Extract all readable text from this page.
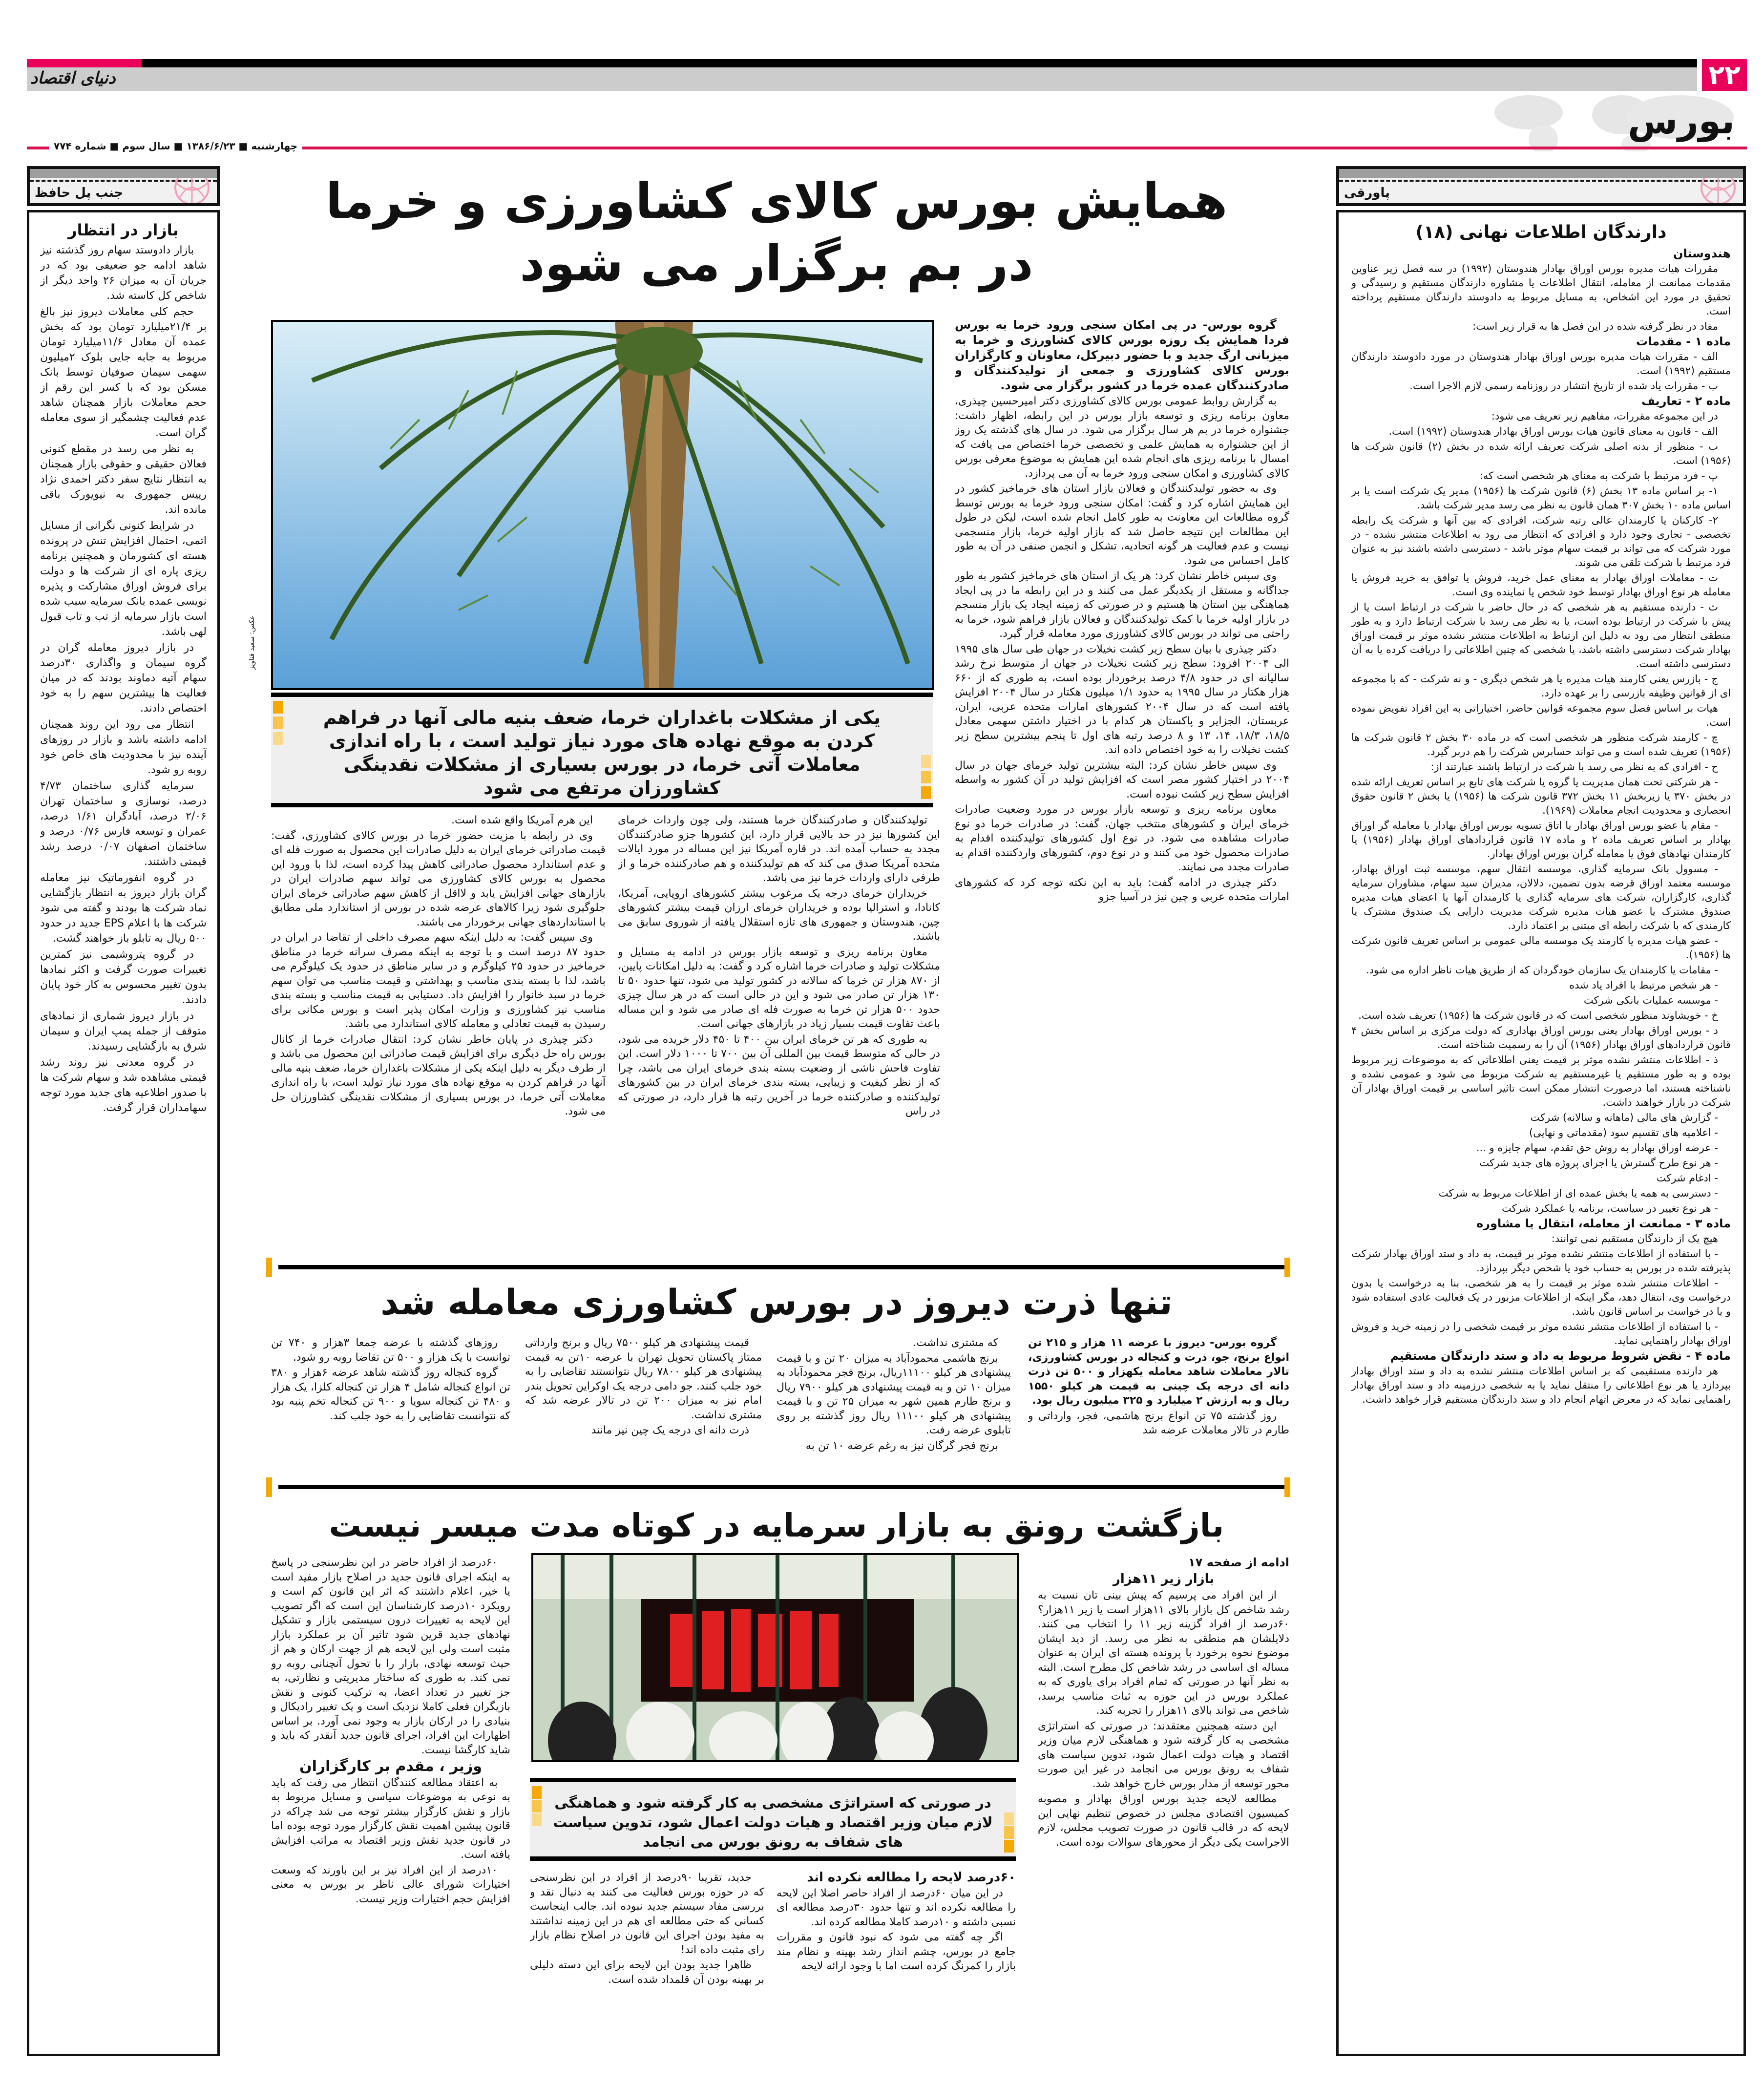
دنیای اقتصاد	۲۲
بورس
چهارشنبه ■ ۱۳۸۶/۶/۲۳ ■ سال سوم ■ شماره ۷۷۴
جنب پل حافظ
بازار در انتظار

بازار دادوستد سهام روز گذشته نیز شاهد ادامه جو ضعیفی بود که در جریان آن به میزان ۲۶ واحد دیگر از شاخص کل کاسته شد.

حجم کلی معاملات دیروز نیز بالغ بر ۲۱/۴میلیارد تومان بود که بخش عمده آن معادل ۱۱/۶میلیارد تومان مربوط به جابه جایی بلوک ۲میلیون سهمی سیمان صوفیان توسط بانک مسکن بود که با کسر این رقم از حجم معاملات بازار همچنان شاهد عدم فعالیت چشمگیر از سوی معامله گران است.

به نظر می رسد در مقطع کنونی فعالان حقیقی و حقوقی بازار همچنان به انتظار نتایج سفر دکتر احمدی نژاد رییس جمهوری به نیویورک باقی مانده اند.

در شرایط کنونی نگرانی از مسایل اتمی، احتمال افزایش تنش در پرونده هسته ای کشورمان و همچنین برنامه ریزی پاره ای از شرکت ها و دولت برای فروش اوراق مشارکت و پذیره نویسی عمده بانک سرمایه سبب شده است بازار سرمایه از تب و تاب قبول لهی باشد.

در بازار دیروز معامله گران در گروه سیمان و واگذاری ۳۰درصد سهام آتیه دماوند بودند که در میان فعالیت ها بیشترین سهم را به خود اختصاص دادند.

انتظار می رود این روند همچنان ادامه داشته باشد و بازار در روزهای آینده نیز با محدودیت های خاص خود روبه رو شود.

سرمایه گذاری ساختمان ۴/۷۳ درصد، نوسازی و ساختمان تهران ۲/۰۶ درصد، آبادگران ۱/۶۱ درصد، عمران و توسعه فارس ۰/۷۶ درصد و ساختمان اصفهان ۰/۰۷ درصد رشد قیمتی داشتند.

در گروه انفورماتیک نیز معامله گران بازار دیروز به انتظار بازگشایی نماد شرکت ها بودند و گفته می شود شرکت ها با اعلام EPS جدید در حدود ۵۰۰ ریال به تابلو باز خواهند گشت.

در گروه پتروشیمی نیز کمترین تغییرات صورت گرفت و اکثر نمادها بدون تغییر محسوس به کار خود پایان دادند.

در بازار دیروز شماری از نمادهای متوقف از جمله پمپ ایران و سیمان شرق به بازگشایی رسیدند.

در گروه معدنی نیز روند رشد قیمتی مشاهده شد و سهام شرکت ها با صدور اطلاعیه های جدید مورد توجه سهامداران قرار گرفت.

پاورقی
دارندگان اطلاعات نهانی (۱۸)

هندوستان

مقررات هیات مدیره بورس اوراق بهادار هندوستان (۱۹۹۲) در سه فصل زیر عناوین مقدمات ممانعت از معامله، انتقال اطلاعات یا مشاوره دارندگان مستقیم و رسیدگی و تحقیق در مورد این اشخاص، به مسایل مربوط به دادوستد دارندگان مستقیم پرداخته است.

مفاد در نظر گرفته شده در این فصل ها به قرار زیر است:

ماده ۱ - مقدمات

الف - مقررات هیات مدیره بورس اوراق بهادار هندوستان در مورد دادوستد دارندگان مستقیم (۱۹۹۲) است.

ب - مقررات یاد شده از تاریخ انتشار در روزنامه رسمی لازم الاجرا است.

ماده ۲ - تعاریف

در این مجموعه مقررات، مفاهیم زیر تعریف می شود:

الف - قانون به معنای قانون هیات بورس اوراق بهادار هندوستان (۱۹۹۲) است.

ب - منظور از بدنه اصلی شرکت تعریف ارائه شده در بخش (۲) قانون شرکت ها (۱۹۵۶) است.

پ - فرد مرتبط با شرکت به معنای هر شخصی است که:

۱- بر اساس ماده ۱۳ بخش (۶) قانون شرکت ها (۱۹۵۶) مدیر یک شرکت است یا بر اساس ماده ۱۰ بخش ۳۰۷ همان قانون به نظر می رسد مدیر شرکت باشد.

۲- کارکنان یا کارمندان عالی رتبه شرکت، افرادی که بین آنها و شرکت یک رابطه تخصصی - تجاری وجود دارد و افرادی که انتظار می رود به اطلاعات منتشر نشده - در مورد شرکت که می تواند بر قیمت سهام موثر باشد - دسترسی داشته باشند نیز به عنوان فرد مرتبط با شرکت تلقی می شوند.

ت - معاملات اوراق بهادار به معنای عمل خرید، فروش یا توافق به خرید فروش یا معامله هر نوع اوراق بهادار توسط خود شخص یا نماینده وی است.

ث - دارنده مستقیم به هر شخصی که در حال حاضر با شرکت در ارتباط است یا از پیش با شرکت در ارتباط بوده است، یا به نظر می رسد با شرکت ارتباط دارد و به طور منطقی انتظار می رود به دلیل این ارتباط به اطلاعات منتشر نشده موثر بر قیمت اوراق بهادار شرکت دسترسی داشته باشد، یا شخصی که چنین اطلاعاتی را دریافت کرده یا به آن دسترسی داشته است.

ج - بازرس یعنی کارمند هیات مدیره یا هر شخص دیگری - و نه شرکت - که با مجموعه ای از قوانین وظیفه بازرسی را بر عهده دارد.

هیات بر اساس فصل سوم مجموعه قوانین حاضر، اختیاراتی به این افراد تفویض نموده است.

چ - کارمند شرکت منظور هر شخصی است که در ماده ۳۰ بخش ۲ قانون شرکت ها (۱۹۵۶) تعریف شده است و می تواند حسابرس شرکت را هم دربر گیرد.

ح - افرادی که به نظر می رسد با شرکت در ارتباط باشند عبارتند از:

- هر شرکتی تحت همان مدیریت یا گروه یا شرکت های تابع بر اساس تعریف ارائه شده در بخش ۳۷۰ یا زیربخش ۱۱ بخش ۳۷۲ قانون شرکت ها (۱۹۵۶) یا بخش ۲ قانون حقوق انحصاری و محدودیت انجام معاملات (۱۹۶۹).

- مقام یا عضو بورس اوراق بهادار یا اتاق تسویه بورس اوراق بهادار یا معامله گر اوراق بهادار بر اساس تعریف ماده ۲ و ماده ۱۷ قانون قراردادهای اوراق بهادار (۱۹۵۶) یا کارمندان نهادهای فوق یا معامله گران بورس اوراق بهادار.

- مسوول بانک سرمایه گذاری، موسسه انتقال سهم، موسسه ثبت اوراق بهادار، موسسه معتمد اوراق قرضه بدون تضمین، دلالان، مدیران سبد سهام، مشاوران سرمایه گذاری، کارگزاران، شرکت های سرمایه گذاری یا کارمندان آنها یا اعضای هیات مدیره صندوق مشترک یا عضو هیات مدیره شرکت مدیریت دارایی یک صندوق مشترک یا کارمندی که با شرکت رابطه ای مبتنی بر اعتماد دارد.

- عضو هیات مدیره یا کارمند یک موسسه مالی عمومی بر اساس تعریف قانون شرکت ها (۱۹۵۶).

- مقامات یا کارمندان یک سازمان خودگردان که از طریق هیات ناظر اداره می شود.

- هر شخص مرتبط با افراد یاد شده

- موسسه عملیات بانکی شرکت

خ - خویشاوند منظور شخصی است که در قانون شرکت ها (۱۹۵۶) تعریف شده است.

د - بورس اوراق بهادار یعنی بورس اوراق بهاداری که دولت مرکزی بر اساس بخش ۴ قانون قراردادهای اوراق بهادار (۱۹۵۶) آن را به رسمیت شناخته است.

ذ - اطلاعات منتشر نشده موثر بر قیمت یعنی اطلاعاتی که به موضوعات زیر مربوط بوده و به طور مستقیم یا غیرمستقیم به شرکت مربوط می شود و عمومی نشده و ناشناخته هستند، اما درصورت انتشار ممکن است تاثیر اساسی بر قیمت اوراق بهادار آن شرکت در بازار خواهند داشت.

- گزارش های مالی (ماهانه و سالانه) شرکت

- اعلامیه های تقسیم سود (مقدماتی و نهایی)

- عرضه اوراق بهادار به روش حق تقدم، سهام جایزه و ...

- هر نوع طرح گسترش یا اجرای پروژه های جدید شرکت

- ادغام شرکت

- دسترسی به همه یا بخش عمده ای از اطلاعات مربوط به شرکت

- هر نوع تغییر در سیاست، برنامه یا عملکرد شرکت

ماده ۳ - ممانعت از معامله، انتقال یا مشاوره

هیچ یک از دارندگان مستقیم نمی توانند:

- با استفاده از اطلاعات منتشر نشده موثر بر قیمت، به داد و ستد اوراق بهادار شرکت پذیرفته شده در بورس به حساب خود یا شخص دیگر بپردازد.

- اطلاعات منتشر شده موثر بر قیمت را به هر شخصی، بنا به درخواست یا بدون درخواست وی، انتقال دهد، مگر اینکه از اطلاعات مزبور در یک فعالیت عادی استفاده شود و یا در خواست بر اساس قانون باشد.

- با استفاده از اطلاعات منتشر نشده موثر بر قیمت شخصی را در زمینه خرید و فروش اوراق بهادار راهنمایی نماید.

ماده ۴ - نقض شروط مربوط به داد و ستد دارندگان مستقیم

هر دارنده مستقیمی که بر اساس اطلاعات منتشر نشده به داد و ستد اوراق بهادار بپردازد یا هر نوع اطلاعاتی را منتقل نماید یا به شخصی درزمینه داد و ستد اوراق بهادار راهنمایی نماید که در معرض اتهام انجام داد و ستد دارندگان مستقیم قرار خواهد داشت.

همایش بورس کالای کشاورزی و خرما
در بم برگزار می شود
عکس: سعید قناویز
یکی از مشکلات باغداران خرما، ضعف بنیه مالی آنها در فراهم کردن به موقع نهاده های مورد نیاز تولید است ، با راه اندازی معاملات آتی خرما، در بورس بسیاری از مشکلات نقدینگی کشاورزان مرتفع می شود

گروه بورس- در پی امکان سنجی ورود خرما به بورس فردا همایش یک روزه بورس کالای کشاورزی و خرما به میزبانی ارگ جدید و با حضور دبیرکل، معاونان و کارگزاران بورس کالای کشاورزی و جمعی از تولیدکنندگان و صادرکنندگان عمده خرما در کشور برگزار می شود.

به گزارش روابط عمومی بورس کالای کشاورزی دکتر امیرحسین چیذری، معاون برنامه ریزی و توسعه بازار بورس در این رابطه، اظهار داشت: جشنواره خرما در بم هر سال برگزار می شود. در سال های گذشته یک روز از این جشنواره به همایش علمی و تخصصی خرما اختصاص می یافت که امسال با برنامه ریزی های انجام شده این همایش به موضوع معرفی بورس کالای کشاورزی و امکان سنجی ورود خرما به آن می پردازد.

وی به حضور تولیدکنندگان و فعالان بازار استان های خرماخیز کشور در این همایش اشاره کرد و گفت: امکان سنجی ورود خرما به بورس توسط گروه مطالعات این معاونت به طور کامل انجام شده است، لیکن در طول این مطالعات این نتیجه حاصل شد که بازار اولیه خرما، بازار منسجمی نیست و عدم فعالیت هر گونه اتحادیه، تشکل و انجمن صنفی در آن به طور کامل احساس می شود.

وی سپس خاطر نشان کرد: هر یک از استان های خرماخیز کشور به طور جداگانه و مستقل از یکدیگر عمل می کنند و در این رابطه ما در پی ایجاد هماهنگی بین استان ها هستیم و در صورتی که زمینه ایجاد یک بازار منسجم در بازار اولیه خرما با کمک تولیدکنندگان و فعالان بازار فراهم شود، خرما به راحتی می تواند در بورس کالای کشاورزی مورد معامله قرار گیرد.

دکتر چیذری با بیان سطح زیر کشت نخیلات در جهان طی سال های ۱۹۹۵ الی ۲۰۰۴ افزود: سطح زیر کشت نخیلات در جهان از متوسط نرخ رشد سالیانه ای در حدود ۴/۸ درصد برخوردار بوده است، به طوری که از ۶۶۰ هزار هکتار در سال ۱۹۹۵ به حدود ۱/۱ میلیون هکتار در سال ۲۰۰۴ افزایش یافته است که در سال ۲۰۰۴ کشورهای امارات متحده عربی، ایران، عربستان، الجزایر و پاکستان هر کدام با در اختیار داشتن سهمی معادل ۱۸/۵، ۱۸/۳، ۱۴، ۱۳ و ۸ درصد رتبه های اول تا پنجم بیشترین سطح زیر کشت نخیلات را به خود اختصاص داده اند.

وی سپس خاطر نشان کرد: البته بیشترین تولید خرمای جهان در سال ۲۰۰۴ در اختیار کشور مصر است که افزایش تولید در آن کشور به واسطه افزایش سطح زیر کشت نبوده است.

معاون برنامه ریزی و توسعه بازار بورس در مورد وضعیت صادرات خرمای ایران و کشورهای منتخب جهان، گفت: در صادرات خرما دو نوع صادرات مشاهده می شود. در نوع اول کشورهای تولیدکننده اقدام به صادرات محصول خود می کنند و در نوع دوم، کشورهای واردکننده اقدام به صادرات مجدد می نمایند.

دکتر چیذری در ادامه گفت: باید به این نکته توجه کرد که کشورهای امارات متحده عربی و چین نیز در آسیا جزو

تولیدکنندگان و صادرکنندگان خرما هستند، ولی چون واردات خرمای این کشورها نیز در حد بالایی قرار دارد، این کشورها جزو صادرکنندگان مجدد به حساب آمده اند. در قاره آمریکا نیز این مساله در مورد ایالات متحده آمریکا صدق می کند که هم تولیدکننده و هم صادرکننده خرما و از طرفی دارای واردات خرما نیز می باشد.

خریداران خرمای درجه یک مرغوب بیشتر کشورهای اروپایی، آمریکا، کانادا، و استرالیا بوده و خریداران خرمای ارزان قیمت بیشتر کشورهای چین، هندوستان و جمهوری های تازه استقلال یافته از شوروی سابق می باشند.

معاون برنامه ریزی و توسعه بازار بورس در ادامه به مسایل و مشکلات تولید و صادرات خرما اشاره کرد و گفت: به دلیل امکانات پایین، از ۸۷۰ هزار تن خرما که سالانه در کشور تولید می شود، تنها حدود ۵۰ تا ۱۳۰ هزار تن صادر می شود و این در حالی است که در هر سال چیزی حدود ۵۰۰ هزار تن خرما به صورت فله ای صادر می شود و این مساله باعث تفاوت قیمت بسیار زیاد در بازارهای جهانی است.

به طوری که هر تن خرمای ایران بین ۴۰۰ تا ۴۵۰ دلار خریده می شود، در حالی که متوسط قیمت بین المللی آن بین ۷۰۰ تا ۱۰۰۰ دلار است. این تفاوت فاحش ناشی از وضعیت بسته بندی خرمای ایران می باشد، چرا که از نظر کیفیت و زیبایی، بسته بندی خرمای ایران در بین کشورهای تولیدکننده و صادرکننده خرما در آخرین رتبه ها قرار دارد، در صورتی که در راس

این هرم آمریکا واقع شده است.

وی در رابطه با مزیت حضور خرما در بورس کالای کشاورزی، گفت: قیمت صادراتی خرمای ایران به دلیل صادرات این محصول به صورت فله ای و عدم استاندارد محصول صادراتی کاهش پیدا کرده است، لذا با ورود این محصول به بورس کالای کشاورزی می تواند سهم صادرات ایران در بازارهای جهانی افزایش یابد و لااقل از کاهش سهم صادراتی خرمای ایران جلوگیری شود زیرا کالاهای عرضه شده در بورس از استاندارد ملی مطابق با استانداردهای جهانی برخوردار می باشند.

وی سپس گفت: به دلیل اینکه سهم مصرف داخلی از تقاضا در ایران در حدود ۸۷ درصد است و با توجه به اینکه مصرف سرانه خرما در مناطق خرماخیز در حدود ۲۵ کیلوگرم و در سایر مناطق در حدود یک کیلوگرم می باشد، لذا با بسته بندی مناسب و بهداشتی و قیمت مناسب می توان سهم خرما در سبد خانوار را افزایش داد. دستیابی به قیمت مناسب و بسته بندی مناسب نیز کشاورزی و وزارت امکان پذیر است و بورس مکانی برای رسیدن به قیمت تعادلی و معامله کالای استاندارد می باشد.

دکتر چیذری در پایان خاطر نشان کرد: انتقال صادرات خرما از کانال بورس راه حل دیگری برای افزایش قیمت صادراتی این محصول می باشد و از طرف دیگر به دلیل اینکه یکی از مشکلات باغداران خرما، ضعف بنیه مالی آنها در فراهم کردن به موقع نهاده های مورد نیاز تولید است، با راه اندازی معاملات آتی خرما، در بورس بسیاری از مشکلات نقدینگی کشاورزان حل می شود.

تنها ذرت دیروز در بورس کشاورزی معامله شد

گروه بورس- دیروز با عرضه ۱۱ هزار و ۲۱۵ تن انواع برنج، جو، ذرت و کنجاله در بورس کشاورزی، تالار معاملات شاهد معامله یکهزار و ۵۰۰ تن ذرت دانه ای درجه یک چینی به قیمت هر کیلو ۱۵۵۰ ریال و به ارزش ۲ میلیارد و ۳۲۵ میلیون ریال بود.

روز گذشته ۷۵ تن انواع برنج هاشمی، فجر، وارداتی و طارم در تالار معاملات عرضه شد

که مشتری نداشت.

برنج هاشمی محمودآباد به میزان ۲۰ تن و با قیمت پیشنهادی هر کیلو ۱۱۱۰۰ریال، برنج فجر محمودآباد به میزان ۱۰ تن و به قیمت پیشنهادی هر کیلو ۷۹۰۰ ریال و برنج طارم همین شهر به میزان ۲۵ تن و با قیمت پیشنهادی هر کیلو ۱۱۱۰۰ ریال روز گذشته بر روی تابلوی عرضه رفت.

برنج فجر گرگان نیز به رغم عرضه ۱۰ تن به

قیمت پیشنهادی هر کیلو ۷۵۰۰ ریال و برنج وارداتی ممتاز پاکستان تحویل تهران با عرضه ۱۰تن به قیمت پیشنهادی هر کیلو ۷۸۰۰ ریال نتوانستند تقاضایی را به خود جلب کنند. جو دامی درجه یک اوکراین تحویل بندر امام نیز به میزان ۲۰۰ تن در تالار عرضه شد که مشتری نداشت.

ذرت دانه ای درجه یک چین نیز مانند

روزهای گذشته با عرضه جمعا ۳هزار و ۷۴۰ تن توانست با یک هزار و ۵۰۰ تن تقاضا روبه رو شود.

گروه کنجاله روز گذشته شاهد عرضه ۶هزار و ۳۸۰ تن انواع کنجاله شامل ۴ هزار تن کنجاله کلزا، یک هزار و ۴۸۰ تن کنجاله سویا و ۹۰۰ تن کنجاله تخم پنبه بود که نتوانست تقاضایی را به خود جلب کند.

بازگشت رونق به بازار سرمایه در کوتاه مدت میسر نیست
در صورتی که استراتژی مشخصی به کار گرفته شود و هماهنگی لازم میان وزیر اقتصاد و هیات دولت اعمال شود، تدوین سیاست های شفاف به رونق بورس می انجامد

ادامه از صفحه ۱۷

بازار زیر ۱۱هزار

از این افراد می پرسیم که پیش بینی تان نسبت به رشد شاخص کل بازار بالای ۱۱هزار است یا زیر ۱۱هزار؟ ۶۰درصد از افراد گزینه زیر ۱۱ را انتخاب می کنند. دلایلشان هم منطقی به نظر می رسد. از دید ایشان موضوع نحوه برخورد با پرونده هسته ای ایران به عنوان مساله ای اساسی در رشد شاخص کل مطرح است. البته به نظر آنها در صورتی که تمام افراد برای یاوری که به عملکرد بورس در این حوزه به ثبات مناسب برسد، شاخص می تواند بالای ۱۱هزار را تجربه کند.

این دسته همچنین معتقدند: در صورتی که استراتژی مشخصی به کار گرفته شود و هماهنگی لازم میان وزیر اقتصاد و هیات دولت اعمال شود، تدوین سیاست های شفاف به رونق بورس می انجامد در غیر این صورت محور توسعه از مدار بورس خارج خواهد شد.

مطالعه لایحه جدید بورس اوراق بهادار و مصوبه کمیسیون اقتصادی مجلس در خصوص تنظیم نهایی این لایحه که در قالب قانون در صورت تصویب مجلس، لازم الاجراست یکی دیگر از محورهای سوالات بوده است.

۶۰درصد لایحه را مطالعه نکرده اند

در این میان ۶۰درصد از افراد حاضر اصلا این لایحه را مطالعه نکرده اند و تنها حدود ۳۰درصد مطالعه ای نسبی داشته و ۱۰درصد کاملا مطالعه کرده اند.

اگر چه گفته می شود که نبود قانون و مقررات جامع در بورس، چشم انداز رشد بهینه و نظام مند بازار را کمرنگ کرده است اما با وجود ارائه لایحه

جدید، تقریبا ۹۰درصد از افراد در این نظرسنجی که در حوزه بورس فعالیت می کنند به دنبال نقد و بررسی مفاد سیستم جدید نبوده اند. جالب اینجاست کسانی که حتی مطالعه ای هم در این زمینه نداشتند به مفید بودن اجرای این قانون در اصلاح نظام بازار رای مثبت داده اند!

ظاهرا جدید بودن این لایحه برای این دسته دلیلی بر بهینه بودن آن قلمداد شده است.

۶۰درصد از افراد حاضر در این نظرسنجی در پاسخ به اینکه اجرای قانون جدید در اصلاح بازار مفید است یا خیر، اعلام داشتند که اثر این قانون کم است و رویکرد ۱۰درصد کارشناسان این است که اگر تصویب این لایحه به تغییرات درون سیستمی بازار و تشکیل نهادهای جدید قرین شود تاثیر آن بر عملکرد بازار مثبت است ولی این لایحه هم از جهت ارکان و هم از حیث توسعه نهادی، بازار را با تحول آنچنانی روبه رو نمی کند. به طوری که ساختار مدیریتی و نظارتی، به جز تغییر در تعداد اعضا، به ترکیب کنونی و نقش بازیگران فعلی کاملا نزدیک است و یک تغییر رادیکال و بنیادی را در ارکان بازار به وجود نمی آورد. بر اساس اظهارات این افراد، اجرای قانون جدید آنقدر که باید و شاید کارگشا نیست.

وزیر ، مقدم بر کارگزاران

به اعتقاد مطالعه کنندگان انتظار می رفت که باید به نوعی به موضوعات سیاسی و مسایل مربوط به بازار و نقش کارگزار بیشتر توجه می شد چراکه در قانون پیشین اهمیت نقش کارگزار مورد توجه بوده اما در قانون جدید نقش وزیر اقتصاد به مراتب افزایش یافته است.

۱۰درصد از این افراد نیز بر این باورند که وسعت اختیارات شورای عالی ناظر بر بورس به معنی افزایش حجم اختیارات وزیر نیست.
